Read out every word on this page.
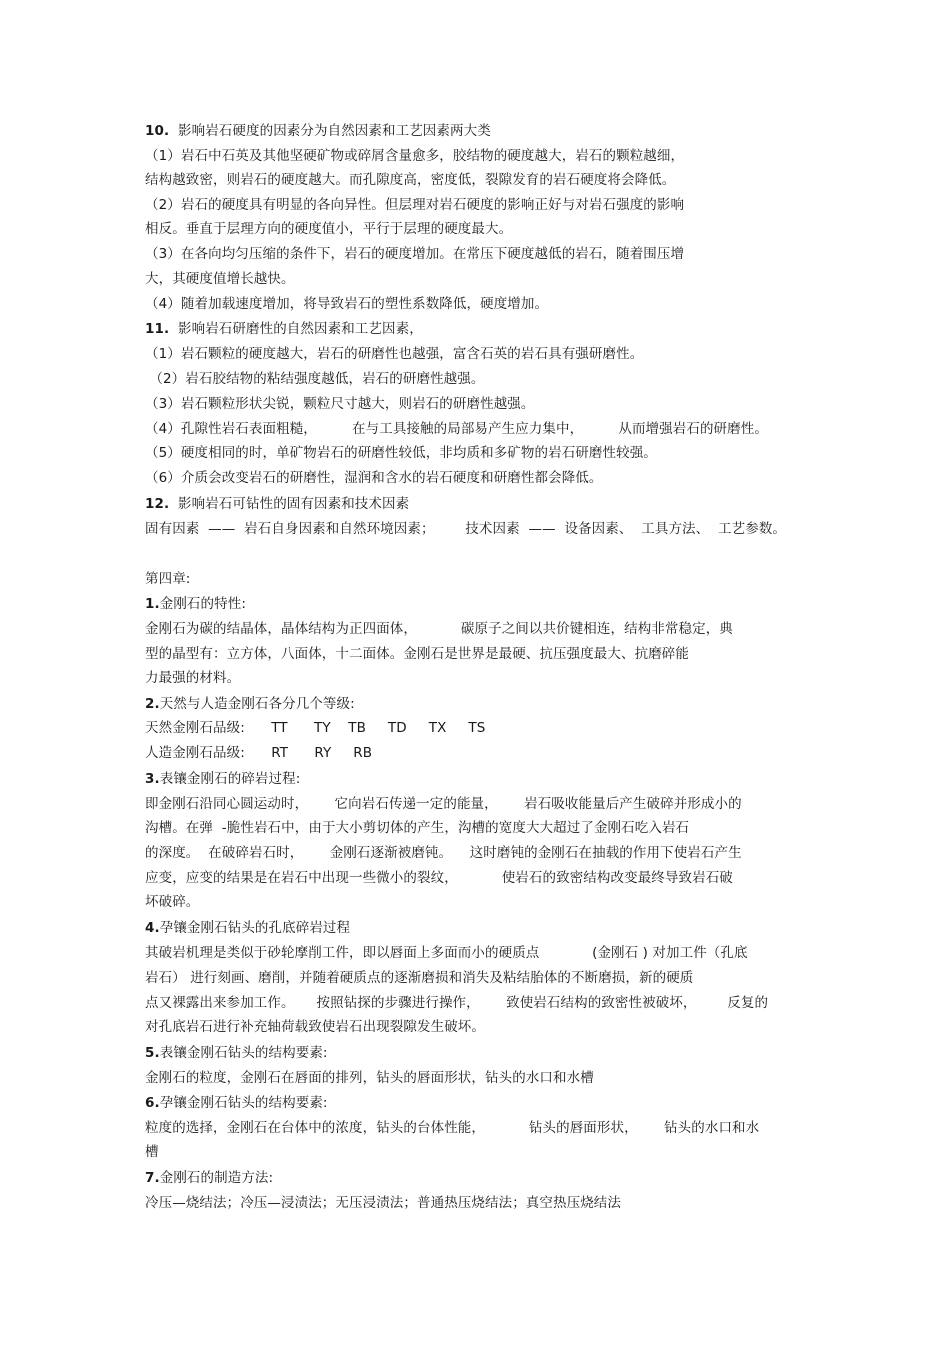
10.  影响岩石硬度的因素分为自然因素和工艺因素两大类
（1）岩石中石英及其他坚硬矿物或碎屑含量愈多，胶结物的硬度越大，岩石的颗粒越细，
结构越致密，则岩石的硬度越大。而孔隙度高，密度低，裂隙发育的岩石硬度将会降低。
（2）岩石的硬度具有明显的各向异性。但层理对岩石硬度的影响正好与对岩石强度的影响
相反。垂直于层理方向的硬度值小，平行于层理的硬度最大。
（3）在各向均匀压缩的条件下，岩石的硬度增加。在常压下硬度越低的岩石，随着围压增
大，其硬度值增长越快。
（4）随着加载速度增加，将导致岩石的塑性系数降低，硬度增加。
11.  影响岩石研磨性的自然因素和工艺因素，
（1）岩石颗粒的硬度越大，岩石的研磨性也越强，富含石英的岩石具有强研磨性。
（2）岩石胶结物的粘结强度越低，岩石的研磨性越强。
（3）岩石颗粒形状尖锐，颗粒尺寸越大，则岩石的研磨性越强。
（4）孔隙性岩石表面粗糙，        在与工具接触的局部易产生应力集中，        从而增强岩石的研磨性。
（5）硬度相同的时，单矿物岩石的研磨性较低，非均质和多矿物的岩石研磨性较强。
（6）介质会改变岩石的研磨性，湿润和含水的岩石硬度和研磨性都会降低。
12.  影响岩石可钻性的固有因素和技术因素
固有因素  ——  岩石自身因素和自然环境因素；       技术因素  ——  设备因素、  工具方法、  工艺参数。
第四章:
1.金刚石的特性:
金刚石为碳的结晶体，晶体结构为正四面体，          碳原子之间以共价键相连，结构非常稳定，典
型的晶型有：立方体，八面体，十二面体。金刚石是世界是最硬、抗压强度最大、抗磨碎能
力最强的材料。
2.天然与人造金刚石各分几个等级:
天然金刚石品级:      TT      TY    TB     TD     TX     TS
人造金刚石品级:      RT      RY     RB
3.表镶金刚石的碎岩过程:
即金刚石沿同心圆运动时，      它向岩石传递一定的能量，      岩石吸收能量后产生破碎并形成小的
沟槽。在弹  -脆性岩石中，由于大小剪切体的产生，沟槽的宽度大大超过了金刚石吃入岩石
的深度。  在破碎岩石时，      金刚石逐渐被磨钝。    这时磨钝的金刚石在抽载的作用下使岩石产生
应变，应变的结果是在岩石中出现一些微小的裂纹，          使岩石的致密结构改变最终导致岩石破
坏破碎。
4.孕镶金刚石钻头的孔底碎岩过程
其破岩机理是类似于砂轮摩削工件，即以唇面上多面而小的硬质点            (金刚石 ) 对加工件（孔底
岩石） 进行刻画、磨削，并随着硬质点的逐渐磨损和消失及粘结胎体的不断磨损，新的硬质
点又裸露出来参加工作。     按照钻探的步骤进行操作，      致使岩石结构的致密性被破坏，       反复的
对孔底岩石进行补充轴荷载致使岩石出现裂隙发生破坏。
5.表镶金刚石钻头的结构要素:
金刚石的粒度，金刚石在唇面的排列，钻头的唇面形状，钻头的水口和水槽
6.孕镶金刚石钻头的结构要素:
粒度的选择，金刚石在台体中的浓度，钻头的台体性能，          钻头的唇面形状，      钻头的水口和水
槽
7.金刚石的制造方法:
冷压—烧结法；冷压—浸渍法；无压浸渍法；普通热压烧结法；真空热压烧结法
